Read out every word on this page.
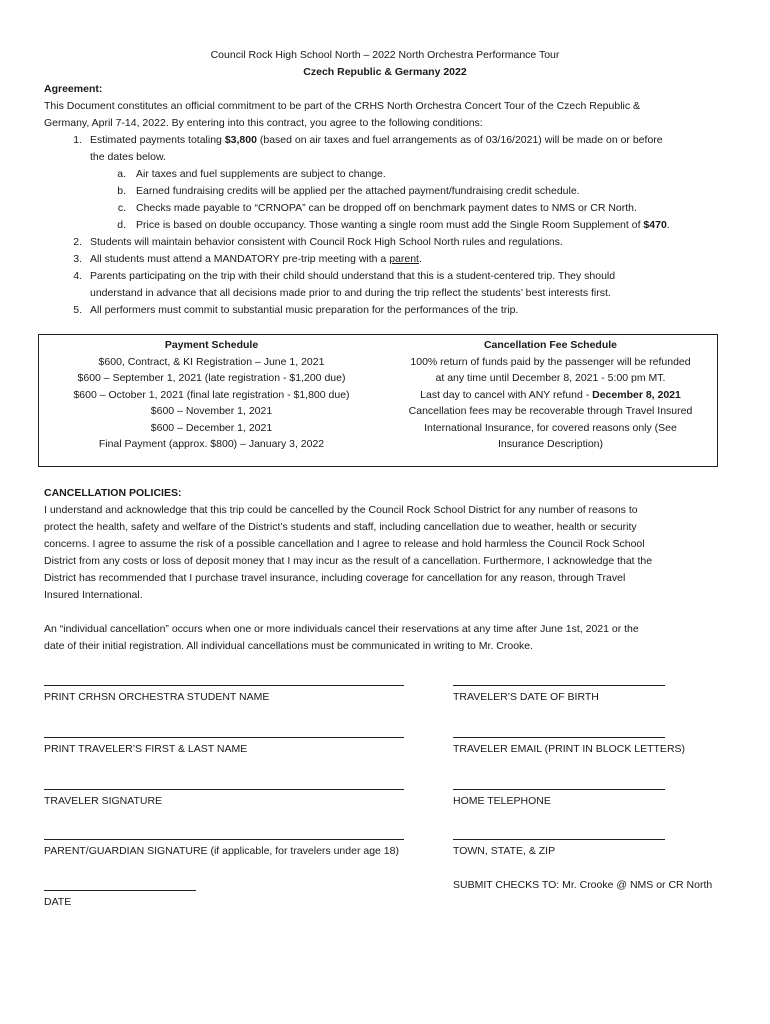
Council Rock High School North – 2022 North Orchestra Performance Tour
Czech Republic & Germany 2022
Agreement:
This Document constitutes an official commitment to be part of the CRHS North Orchestra Concert Tour of the Czech Republic &
Germany, April 7-14, 2022. By entering into this contract, you agree to the following conditions:
1. Estimated payments totaling $3,800 (based on air taxes and fuel arrangements as of 03/16/2021) will be made on or before
the dates below.
a. Air taxes and fuel supplements are subject to change.
b. Earned fundraising credits will be applied per the attached payment/fundraising credit schedule.
c. Checks made payable to “CRNOPA” can be dropped off on benchmark payment dates to NMS or CR North.
d. Price is based on double occupancy. Those wanting a single room must add the Single Room Supplement of $470.
2. Students will maintain behavior consistent with Council Rock High School North rules and regulations.
3. All students must attend a MANDATORY pre-trip meeting with a parent.
4. Parents participating on the trip with their child should understand that this is a student-centered trip. They should
understand in advance that all decisions made prior to and during the trip reflect the students’ best interests first.
5. All performers must commit to substantial music preparation for the performances of the trip.
Payment Schedule
$600, Contract, & KI Registration – June 1, 2021
$600 – September 1, 2021 (late registration - $1,200 due)
$600 – October 1, 2021 (final late registration - $1,800 due)
$600 – November 1, 2021
$600 – December 1, 2021
Final Payment (approx. $800) – January 3, 2022
Cancellation Fee Schedule
100% return of funds paid by the passenger will be refunded
at any time until December 8, 2021 - 5:00 pm MT.
Last day to cancel with ANY refund - December 8, 2021
Cancellation fees may be recoverable through Travel Insured
International Insurance, for covered reasons only (See
Insurance Description)
CANCELLATION POLICIES:
I understand and acknowledge that this trip could be cancelled by the Council Rock School District for any number of reasons to
protect the health, safety and welfare of the District’s students and staff, including cancellation due to weather, health or security
concerns. I agree to assume the risk of a possible cancellation and I agree to release and hold harmless the Council Rock School
District from any costs or loss of deposit money that I may incur as the result of a cancellation. Furthermore, I acknowledge that the
District has recommended that I purchase travel insurance, including coverage for cancellation for any reason, through Travel
Insured International.
An “individual cancellation” occurs when one or more individuals cancel their reservations at any time after June 1st, 2021 or the
date of their initial registration. All individual cancellations must be communicated in writing to Mr. Crooke.
PRINT CRHSN ORCHESTRA STUDENT NAME
PRINT TRAVELER’S FIRST & LAST NAME
TRAVELER SIGNATURE
PARENT/GUARDIAN SIGNATURE (if applicable, for travelers under age 18)
DATE
TRAVELER’S DATE OF BIRTH
TRAVELER EMAIL (PRINT IN BLOCK LETTERS)
HOME TELEPHONE
TOWN, STATE, & ZIP
SUBMIT CHECKS TO: Mr. Crooke @ NMS or CR North
